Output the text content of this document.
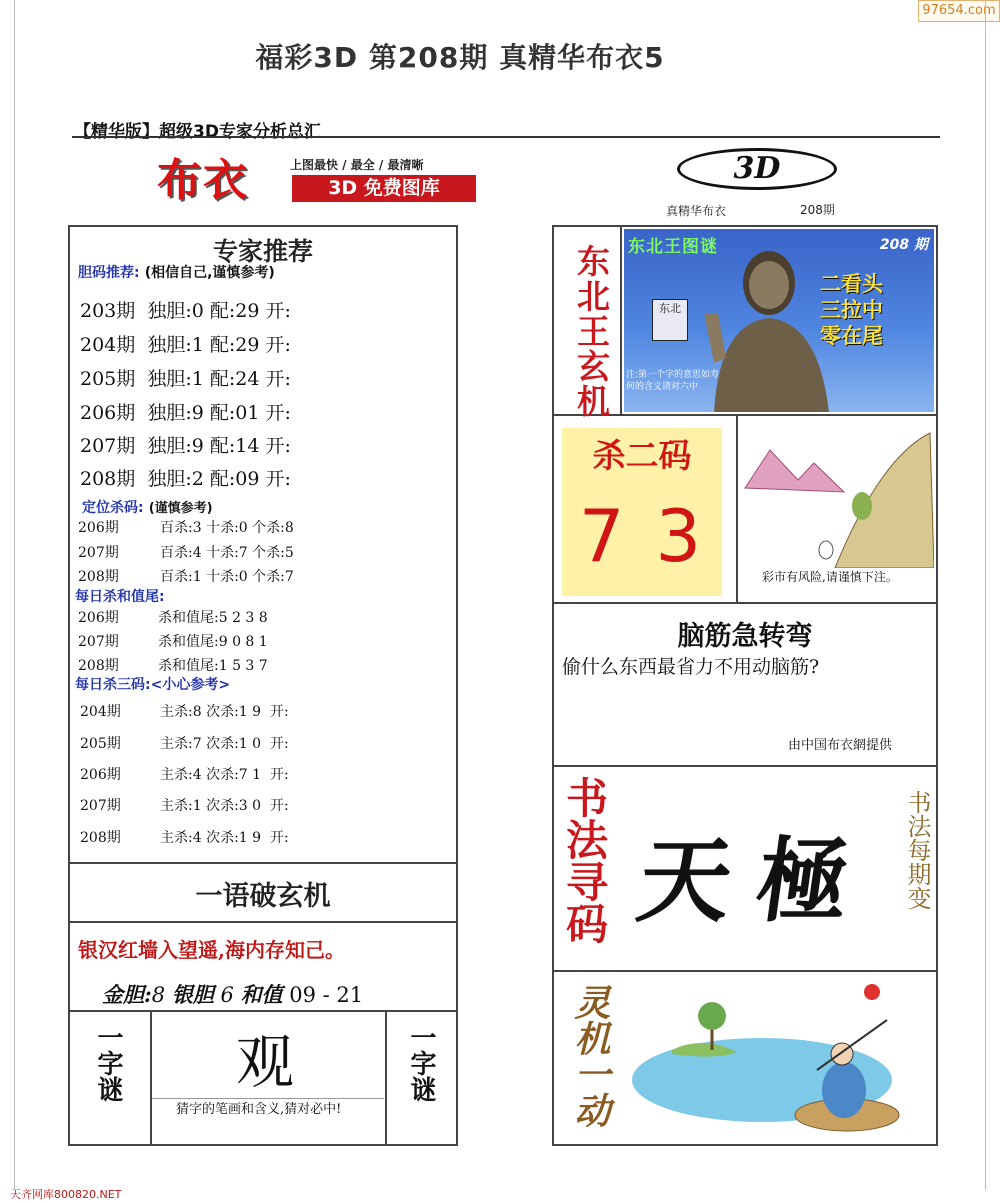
97654.com
福彩3D 第208期 真精华布衣5
【精华版】超级3D专家分析总汇
布衣	上图最快 / 最全 / 最清晰
3D 免费图库
3D
真精华布衣	208期
专家推荐
胆码推荐: (相信自己,谨慎参考)
203期  独胆:0 配:29 开:
204期  独胆:1 配:29 开:
205期  独胆:1 配:24 开:
206期  独胆:9 配:01 开:
207期  独胆:9 配:14 开:
208期  独胆:2 配:09 开:
定位杀码: (谨慎参考)
206期	百杀:3 十杀:0 个杀:8
207期	百杀:4 十杀:7 个杀:5
208期	百杀:1 十杀:0 个杀:7
每日杀和值尾:
206期	杀和值尾:5 2 3 8
207期	杀和值尾:9 0 8 1
208期	杀和值尾:1 5 3 7
每日杀三码:<小心参考>
204期	主杀:8 次杀:1 9  开:
205期	主杀:7 次杀:1 0  开:
206期	主杀:4 次杀:7 1  开:
207期	主杀:1 次杀:3 0  开:
208期	主杀:4 次杀:1 9  开:
一语破玄机
银汉红墙入望遥,海内存知己。
金胆:8 银胆 6 和值 09 - 21
一字谜	一字谜
观
猜字的笔画和含义,猜对必中!
东北王玄机 东北王图谜	208 期
二看头
三拉中
零在尾
东北
注:第一个字的意思如寿何的含义请对六中
杀二码
7 3	彩市有风险,请谨慎下注。
脑筋急转弯
偷什么东西最省力不用动脑筋?
由中国布衣網提供
书法寻码 天極 书法每期变
灵机一动
天齐网库800820.NET
